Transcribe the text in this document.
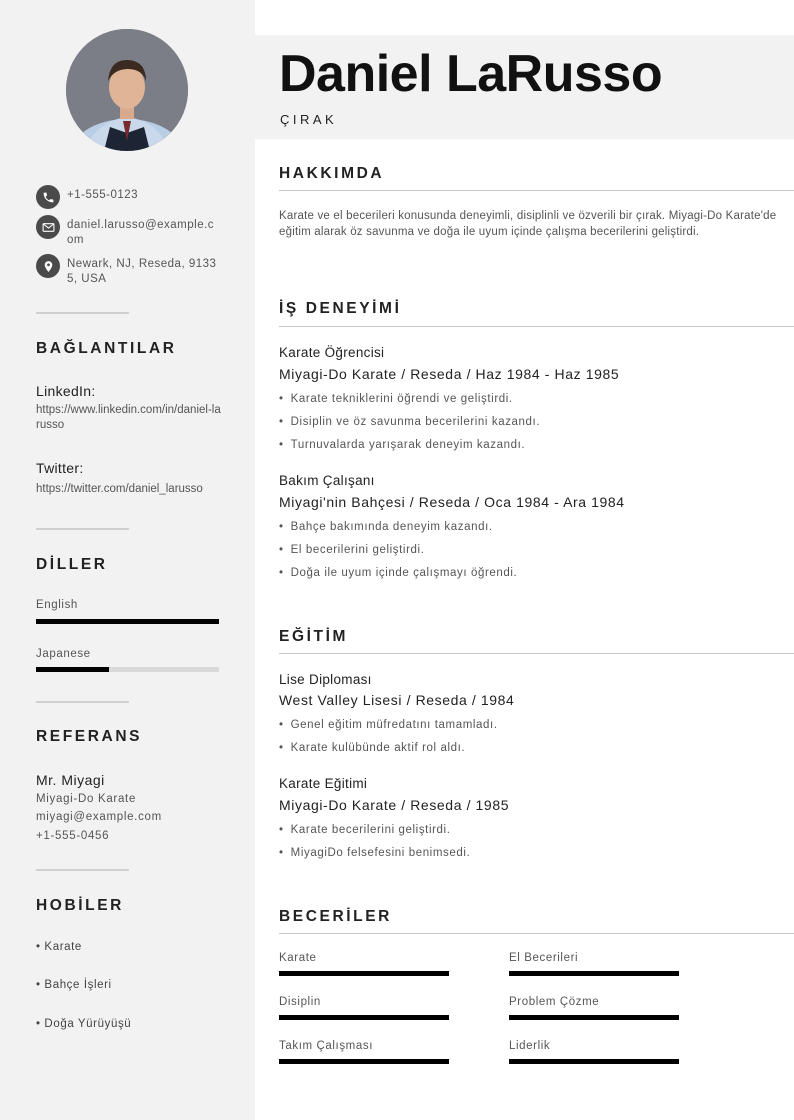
+1-555-0123
daniel.larusso@example.com
Newark, NJ, Reseda, 91335, USA
BAĞLANTILAR
LinkedIn:
https://www.linkedin.com/in/daniel-larusso
Twitter:
https://twitter.com/daniel_larusso
DİLLER
English
Japanese
REFERANS
Mr. Miyagi
Miyagi-Do Karate
miyagi@example.com
+1-555-0456
HOBİLER
• Karate
• Bahçe İşleri
• Doğa Yürüyüşü
Daniel LaRusso
ÇIRAK
HAKKIMDA
Karate ve el becerileri konusunda deneyimli, disiplinli ve özverili bir çırak. Miyagi-Do Karate'de eğitim alarak öz savunma ve doğa ile uyum içinde çalışma becerilerini geliştirdi.
İŞ DENEYİMİ
Karate Öğrencisi
Miyagi-Do Karate / Reseda / Haz 1984 - Haz 1985
• Karate tekniklerini öğrendi ve geliştirdi.
• Disiplin ve öz savunma becerilerini kazandı.
• Turnuvalarda yarışarak deneyim kazandı.
Bakım Çalışanı
Miyagi'nin Bahçesi / Reseda / Oca 1984 - Ara 1984
• Bahçe bakımında deneyim kazandı.
• El becerilerini geliştirdi.
• Doğa ile uyum içinde çalışmayı öğrendi.
EĞİTİM
Lise Diploması
West Valley Lisesi / Reseda / 1984
• Genel eğitim müfredatını tamamladı.
• Karate kulübünde aktif rol aldı.
Karate Eğitimi
Miyagi-Do Karate / Reseda / 1985
• Karate becerilerini geliştirdi.
• MiyagiDo felsefesini benimsedi.
BECERİLER
Karate	El Becerileri
Disiplin	Problem Çözme
Takım Çalışması	Liderlik
